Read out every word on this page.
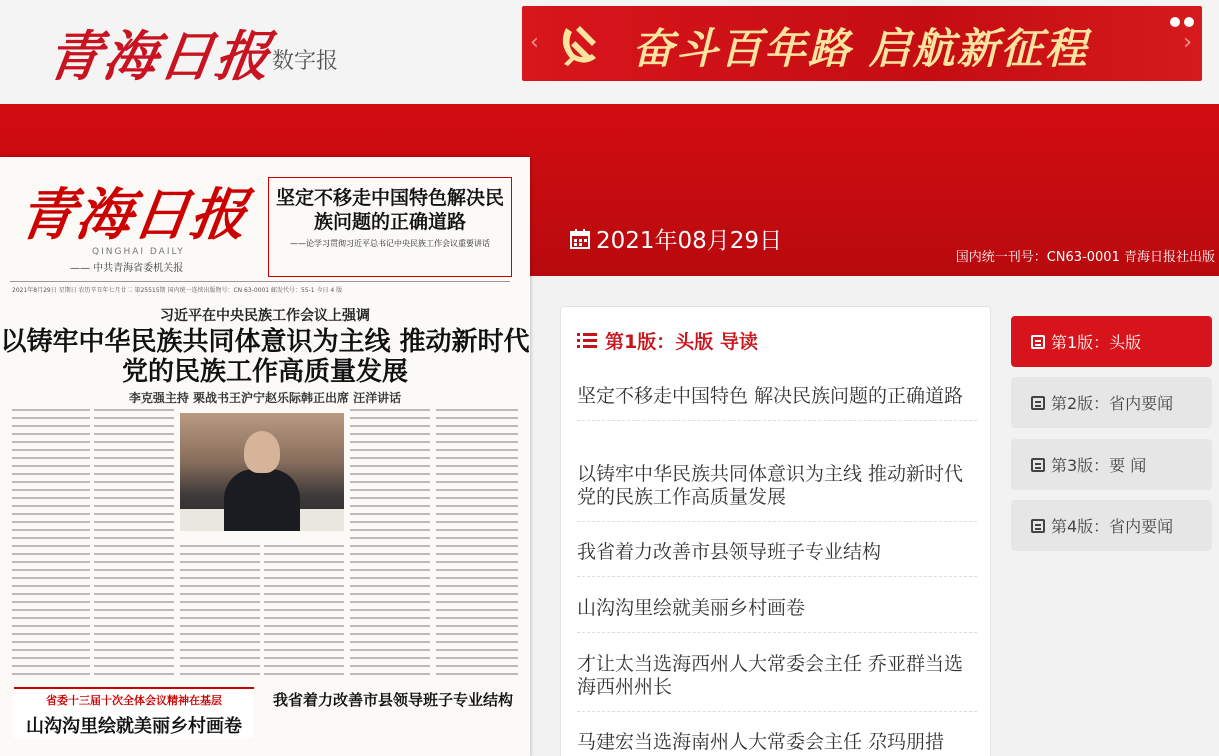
青海日报
数字报
‹ 奋斗百年路 启航新征程	›
2021年08月29日
国内统一刊号：CN63-0001 青海日报社出版
青海日报
QINGHAI DAILY
—— 中共青海省委机关报
2021年8月29日 星期日 农历辛丑年七月廿二 第25515期 国内统一连续出版物号：CN 63-0001 邮发代号：55-1 今日 4 版
坚定不移走中国特色解决民族问题的正确道路
——论学习贯彻习近平总书记中央民族工作会议重要讲话
习近平在中央民族工作会议上强调
以铸牢中华民族共同体意识为主线 推动新时代党的民族工作高质量发展
李克强主持 栗战书王沪宁赵乐际韩正出席 汪洋讲话
省委十三届十次全体会议精神在基层
山沟沟里绘就美丽乡村画卷
我省着力改善市县领导班子专业结构
第1版：头版 导读
坚定不移走中国特色 解决民族问题的正确道路
以铸牢中华民族共同体意识为主线 推动新时代党的民族工作高质量发展
我省着力改善市县领导班子专业结构
山沟沟里绘就美丽乡村画卷
才让太当选海西州人大常委会主任 乔亚群当选海西州州长
马建宏当选海南州人大常委会主任 尕玛朋措
第1版：头版
第2版：省内要闻
第3版：要 闻
第4版：省内要闻
